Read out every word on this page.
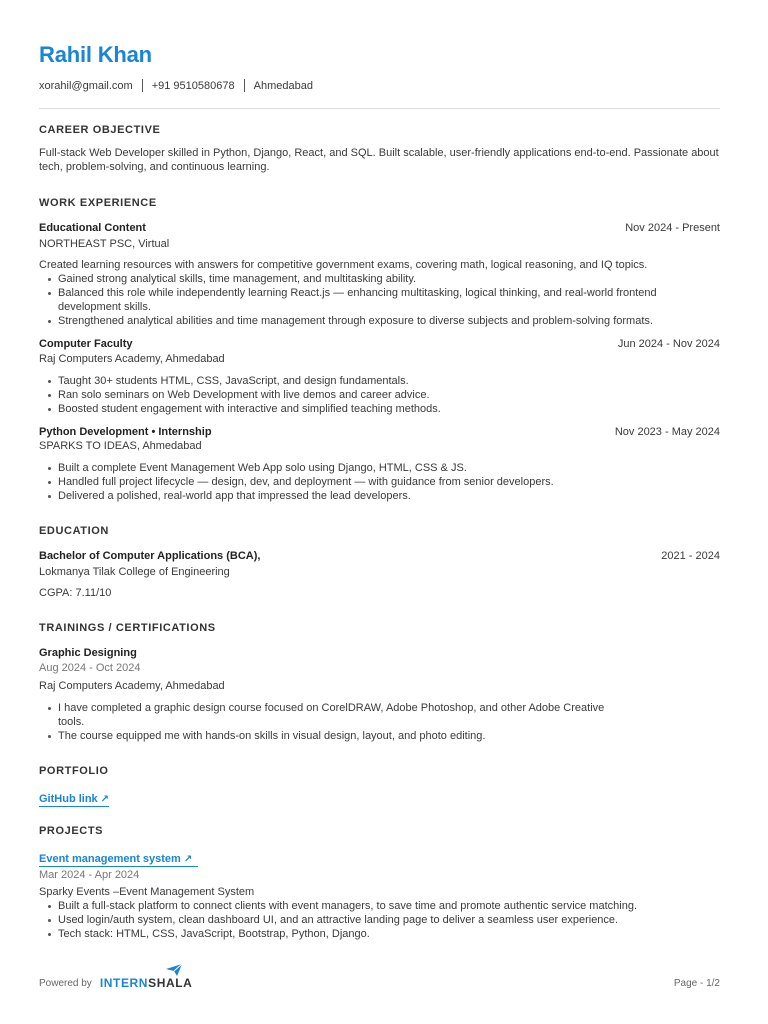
Rahil Khan
xorahil@gmail.com +91 9510580678 Ahmedabad
CAREER OBJECTIVE
Full-stack Web Developer skilled in Python, Django, React, and SQL. Built scalable, user-friendly applications end-to-end. Passionate about tech, problem-solving, and continuous learning.
WORK EXPERIENCE
Educational Content	Nov 2024 - Present
NORTHEAST PSC, Virtual
Created learning resources with answers for competitive government exams, covering math, logical reasoning, and IQ topics.
Gained strong analytical skills, time management, and multitasking ability.
Balanced this role while independently learning React.js — enhancing multitasking, logical thinking, and real-world frontend development skills.
Strengthened analytical abilities and time management through exposure to diverse subjects and problem-solving formats.
Computer Faculty	Jun 2024 - Nov 2024
Raj Computers Academy, Ahmedabad
Taught 30+ students HTML, CSS, JavaScript, and design fundamentals.
Ran solo seminars on Web Development with live demos and career advice.
Boosted student engagement with interactive and simplified teaching methods.
Python Development • Internship	Nov 2023 - May 2024
SPARKS TO IDEAS, Ahmedabad
Built a complete Event Management Web App solo using Django, HTML, CSS & JS.
Handled full project lifecycle — design, dev, and deployment — with guidance from senior developers.
Delivered a polished, real-world app that impressed the lead developers.
EDUCATION
Bachelor of Computer Applications (BCA),	2021 - 2024
Lokmanya Tilak College of Engineering
CGPA: 7.11/10
TRAININGS / CERTIFICATIONS
Graphic Designing
Aug 2024 - Oct 2024
Raj Computers Academy, Ahmedabad
I have completed a graphic design course focused on CorelDRAW, Adobe Photoshop, and other Adobe Creative tools.
The course equipped me with hands-on skills in visual design, layout, and photo editing.
PORTFOLIO
GitHub link ↗
PROJECTS
Event management system ↗
Mar 2024 - Apr 2024
Sparky Events –Event Management System
Built a full-stack platform to connect clients with event managers, to save time and promote authentic service matching.
Used login/auth system, clean dashboard UI, and an attractive landing page to deliver a seamless user experience.
Tech stack: HTML, CSS, JavaScript, Bootstrap, Python, Django.
Powered by INTERNSHALA	Page - 1/2
